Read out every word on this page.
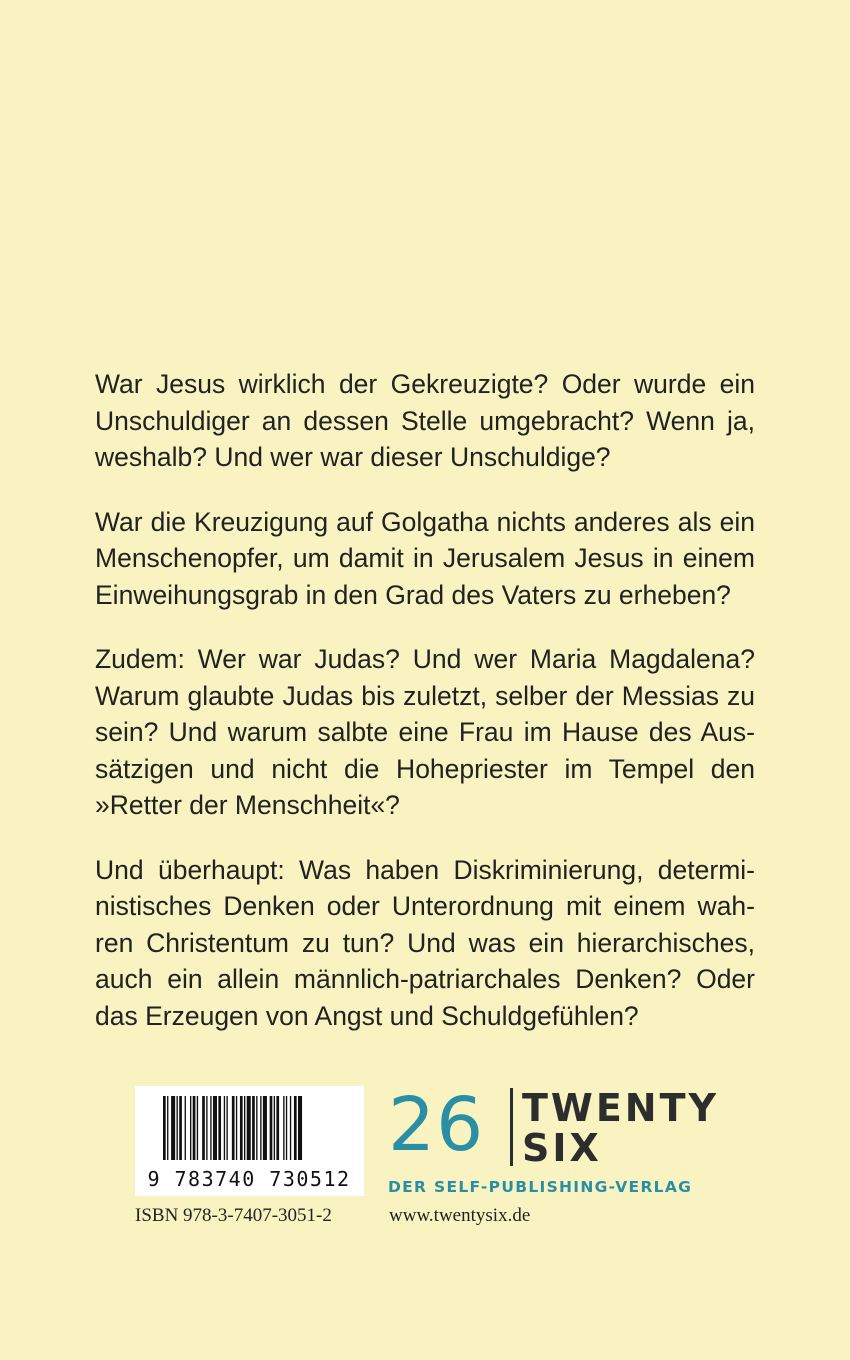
War Jesus wirklich der Gekreuzigte? Oder wurde ein
Unschuldiger an dessen Stelle umgebracht? Wenn ja,
weshalb? Und wer war dieser Unschuldige?

War die Kreuzigung auf Golgatha nichts anderes als ein
Menschenopfer, um damit in Jerusalem Jesus in einem
Einweihungsgrab in den Grad des Vaters zu erheben?

Zudem: Wer war Judas? Und wer Maria Magdalena?
Warum glaubte Judas bis zuletzt, selber der Messias zu
sein? Und warum salbte eine Frau im Hause des Aus-
sätzigen und nicht die Hohepriester im Tempel den
»Retter der Menschheit«?

Und überhaupt: Was haben Diskriminierung, determi-
nistisches Denken oder Unterordnung mit einem wah-
ren Christentum zu tun? Und was ein hierarchisches,
auch ein allein männlich-patriarchales Denken? Oder
das Erzeugen von Angst und Schuldgefühlen?

9 783740 730512
ISBN 978-3-7407-3051-2
26 TWENTY
SIX
DER SELF-PUBLISHING-VERLAG
www.twentysix.de
